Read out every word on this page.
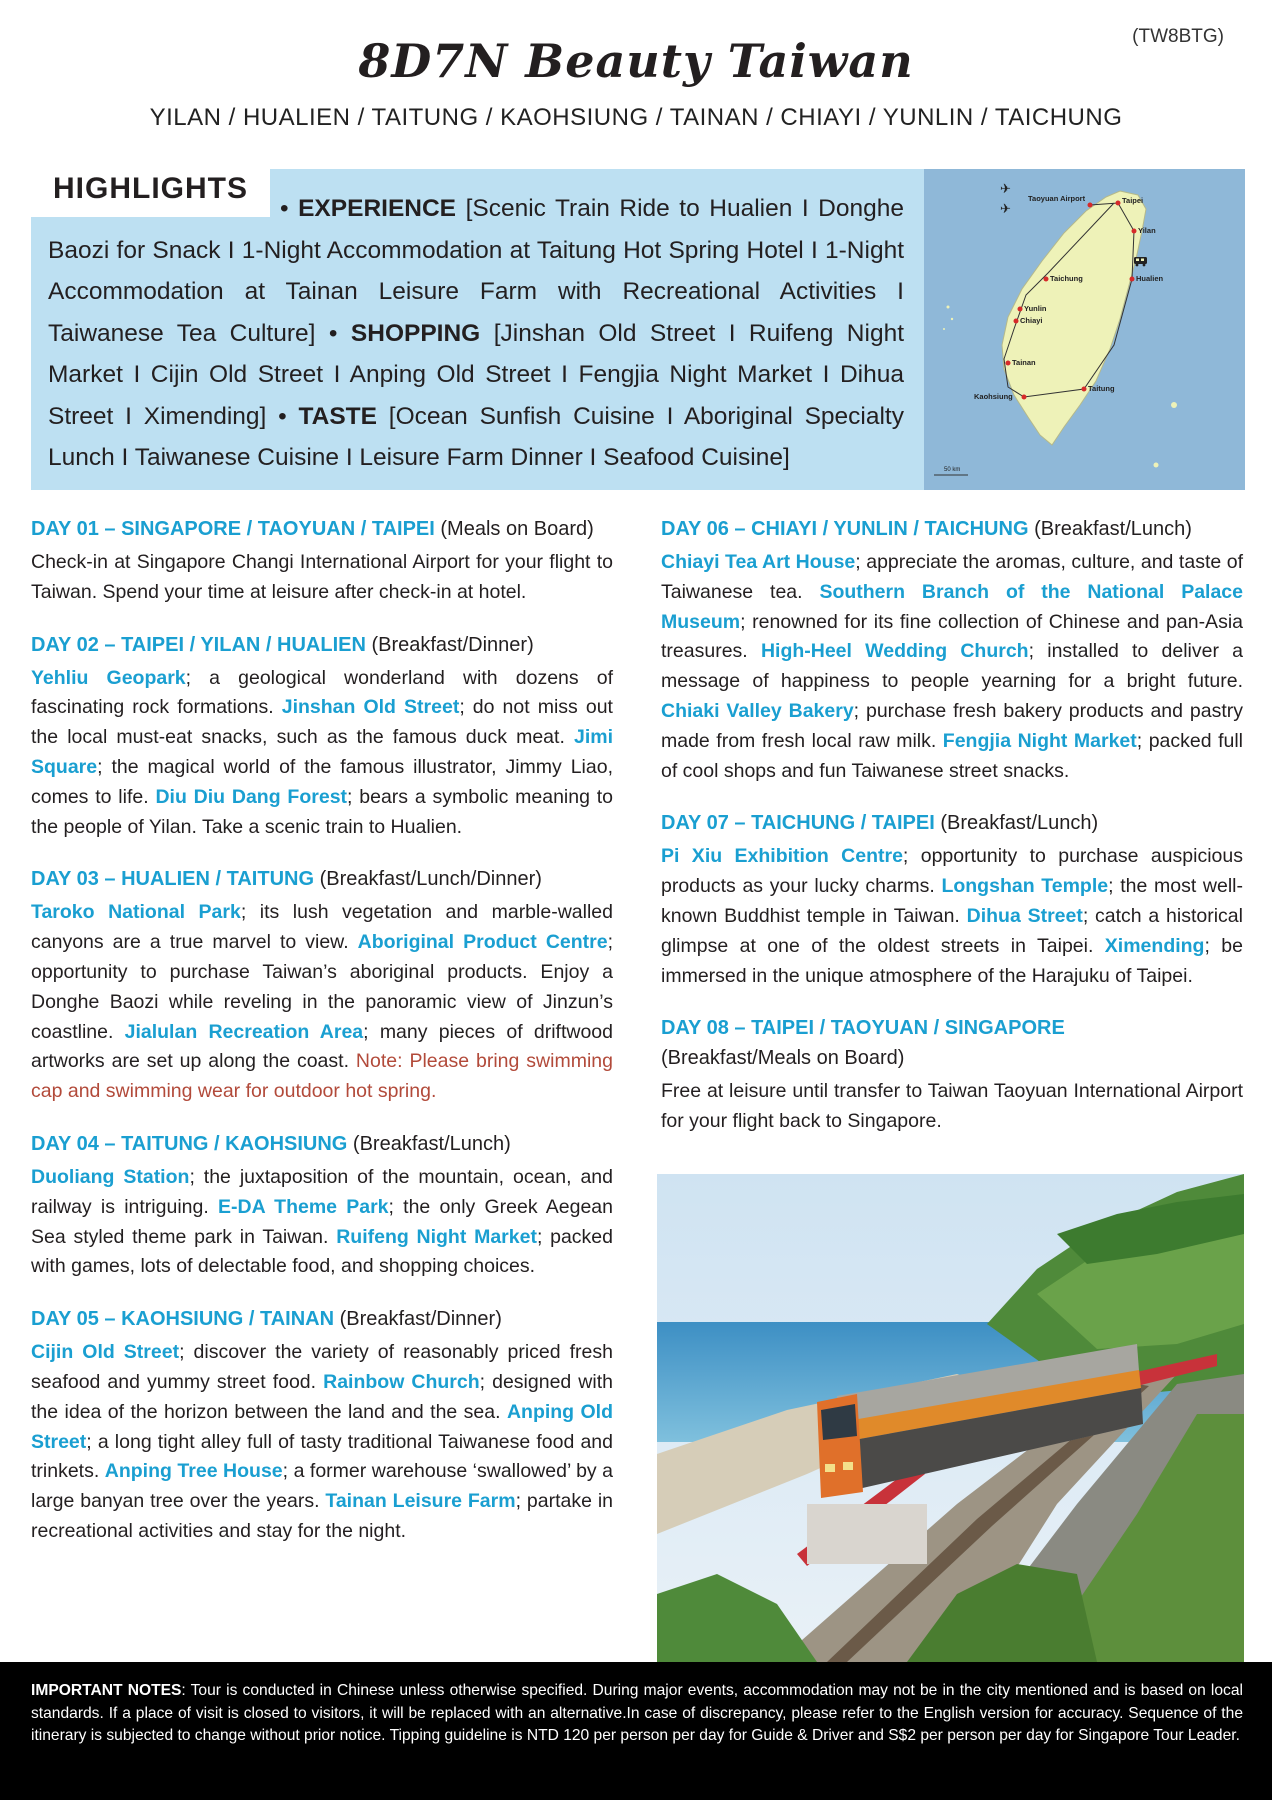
(TW8BTG)
8D7N Beauty Taiwan
YILAN / HUALIEN / TAITUNG / KAOHSIUNG / TAINAN / CHIAYI / YUNLIN / TAICHUNG
HIGHLIGHTS
• EXPERIENCE [Scenic Train Ride to Hualien I Donghe Baozi for Snack I 1-Night Accommodation at Taitung Hot Spring Hotel I 1-Night Accommodation at Tainan Leisure Farm with Recreational Activities I Taiwanese Tea Culture] • SHOPPING [Jinshan Old Street I Ruifeng Night Market I Cijin Old Street I Anping Old Street I Fengjia Night Market I Dihua Street I Ximending] • TASTE [Ocean Sunfish Cuisine I Aboriginal Specialty Lunch I Taiwanese Cuisine I Leisure Farm Dinner I Seafood Cuisine]
Taoyuan Airport	Taipei
Yilan
Hualien
Taichung
Yunlin
Chiayi
Tainan
Taitung
Kaohsiung
✈
✈
50 km
DAY 01 – SINGAPORE / TAOYUAN / TAIPEI (Meals on Board)

Check-in at Singapore Changi International Airport for your flight to Taiwan. Spend your time at leisure after check-in at hotel.

DAY 02 – TAIPEI / YILAN / HUALIEN (Breakfast/Dinner)

Yehliu Geopark; a geological wonderland with dozens of fascinating rock formations. Jinshan Old Street; do not miss out the local must-eat snacks, such as the famous duck meat. Jimi Square; the magical world of the famous illustrator, Jimmy Liao, comes to life. Diu Diu Dang Forest; bears a symbolic meaning to the people of Yilan. Take a scenic train to Hualien.

DAY 03 – HUALIEN / TAITUNG (Breakfast/Lunch/Dinner)

Taroko National Park; its lush vegetation and marble-walled canyons are a true marvel to view. Aboriginal Product Centre; opportunity to purchase Taiwan’s aboriginal products. Enjoy a Donghe Baozi while reveling in the panoramic view of Jinzun’s coastline. Jialulan Recreation Area; many pieces of driftwood artworks are set up along the coast. Note: Please bring swimming cap and swimming wear for outdoor hot spring.

DAY 04 – TAITUNG / KAOHSIUNG (Breakfast/Lunch)

Duoliang Station; the juxtaposition of the mountain, ocean, and railway is intriguing. E-DA Theme Park; the only Greek Aegean Sea styled theme park in Taiwan. Ruifeng Night Market; packed with games, lots of delectable food, and shopping choices.

DAY 05 – KAOHSIUNG / TAINAN (Breakfast/Dinner)

Cijin Old Street; discover the variety of reasonably priced fresh seafood and yummy street food. Rainbow Church; designed with the idea of the horizon between the land and the sea. Anping Old Street; a long tight alley full of tasty traditional Taiwanese food and trinkets. Anping Tree House; a former warehouse ‘swallowed’ by a large banyan tree over the years. Tainan Leisure Farm; partake in recreational activities and stay for the night.

DAY 06 – CHIAYI / YUNLIN / TAICHUNG (Breakfast/Lunch)

Chiayi Tea Art House; appreciate the aromas, culture, and taste of Taiwanese tea. Southern Branch of the National Palace Museum; renowned for its fine collection of Chinese and pan-Asia treasures. High-Heel Wedding Church; installed to deliver a message of happiness to people yearning for a bright future. Chiaki Valley Bakery; purchase fresh bakery products and pastry made from fresh local raw milk. Fengjia Night Market; packed full of cool shops and fun Taiwanese street snacks.

DAY 07 – TAICHUNG / TAIPEI (Breakfast/Lunch)

Pi Xiu Exhibition Centre; opportunity to purchase auspicious products as your lucky charms. Longshan Temple; the most well-known Buddhist temple in Taiwan. Dihua Street; catch a historical glimpse at one of the oldest streets in Taipei. Ximending; be immersed in the unique atmosphere of the Harajuku of Taipei.

DAY 08 – TAIPEI / TAOYUAN / SINGAPORE
(Breakfast/Meals on Board)

Free at leisure until transfer to Taiwan Taoyuan International Airport for your flight back to Singapore.

IMPORTANT NOTES: Tour is conducted in Chinese unless otherwise specified. During major events, accommodation may not be in the city mentioned and is based on local standards. If a place of visit is closed to visitors, it will be replaced with an alternative.In case of discrepancy, please refer to the English version for accuracy. Sequence of the itinerary is subjected to change without prior notice. Tipping guideline is NTD 120 per person per day for Guide & Driver and S$2 per person per day for Singapore Tour Leader.
